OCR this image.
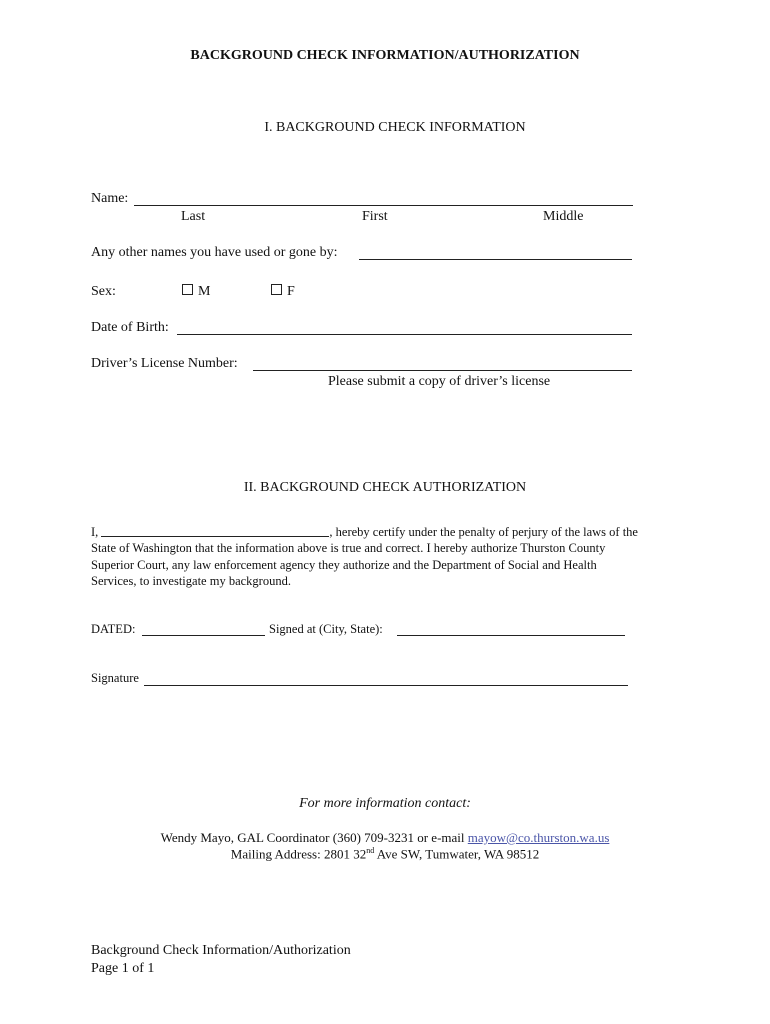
BACKGROUND CHECK INFORMATION/AUTHORIZATION
I. BACKGROUND CHECK INFORMATION
Name:
Last	First	Middle
Any other names you have used or gone by:
Sex:	M	F
Date of Birth:
Driver’s License Number:
Please submit a copy of driver’s license
II. BACKGROUND CHECK AUTHORIZATION
I,	, hereby certify under the penalty of perjury of the laws of the
State of Washington that the information above is true and correct. I hereby authorize Thurston County
Superior Court, any law enforcement agency they authorize and the Department of Social and Health
Services, to investigate my background.
DATED:	Signed at (City, State):
Signature
For more information contact:
Wendy Mayo, GAL Coordinator (360) 709-3231 or e-mail mayow@co.thurston.wa.us
Mailing Address: 2801 32nd Ave SW, Tumwater, WA 98512
Background Check Information/Authorization
Page 1 of 1
